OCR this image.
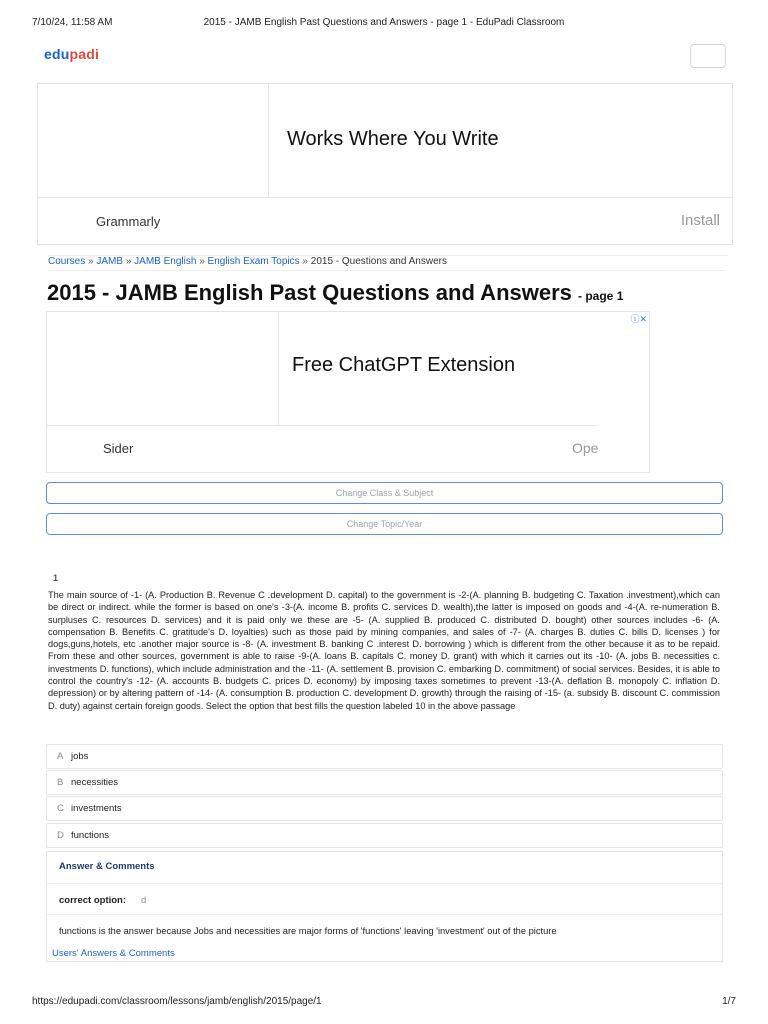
7/10/24, 11:58 AM	2015 - JAMB English Past Questions and Answers - page 1 - EduPadi Classroom
edupadi
Works Where You Write
Grammarly	Install
Courses » JAMB » JAMB English » English Exam Topics » 2015 - Questions and Answers
2015 - JAMB English Past Questions and Answers - page 1
ⓘ✕
Free ChatGPT Extension
Sider	Ope
Change Class & Subject
Change Topic/Year
1
The main source of -1- (A. Production B. Revenue C .development D. capital) to the government is -2-(A. planning B. budgeting C. Taxation .investment),which can be direct or indirect. while the former is based on one's -3-(A. income B. profits C. services D. wealth),the latter is imposed on goods and -4-(A. re-numeration B. surpluses C. resources D. services) and it is paid only we these are -5- (A. supplied B. produced C. distributed D. bought) other sources includes -6- (A. compensation B. Benefits C. gratitude's D. loyalties) such as those paid by mining companies, and sales of -7- (A. charges B. duties C. bills D. licenses ) for dogs,guns,hotels, etc .another major source is -8- (A. investment B. banking C .interest D. borrowing ) which is different from the other because it as to be repaid. From these and other sources, government is able to raise -9-(A. loans B. capitals C. money D. grant) with which it carries out its -10- (A. jobs B. necessities c. investments D. functions), which include administration and the -11- (A. settlement B. provision C. embarking D. commitment) of social services. Besides, it is able to control the country's -12- (A. accounts B. budgets C. prices D. economy) by imposing taxes sometimes to prevent -13-(A. deflation B. monopoly C. inflation D. depression) or by altering pattern of -14- (A. consumption B. production C. development D. growth) through the raising of -15- (a. subsidy B. discount C. commission D. duty) against certain foreign goods. Select the option that best fills the question labeled 10 in the above passage
A jobs
B necessities
C investments
D functions
Answer & Comments
correct option: d
functions is the answer because Jobs and necessities are major forms of 'functions' leaving 'investment' out of the picture
Users' Answers & Comments
https://edupadi.com/classroom/lessons/jamb/english/2015/page/1	1/7
